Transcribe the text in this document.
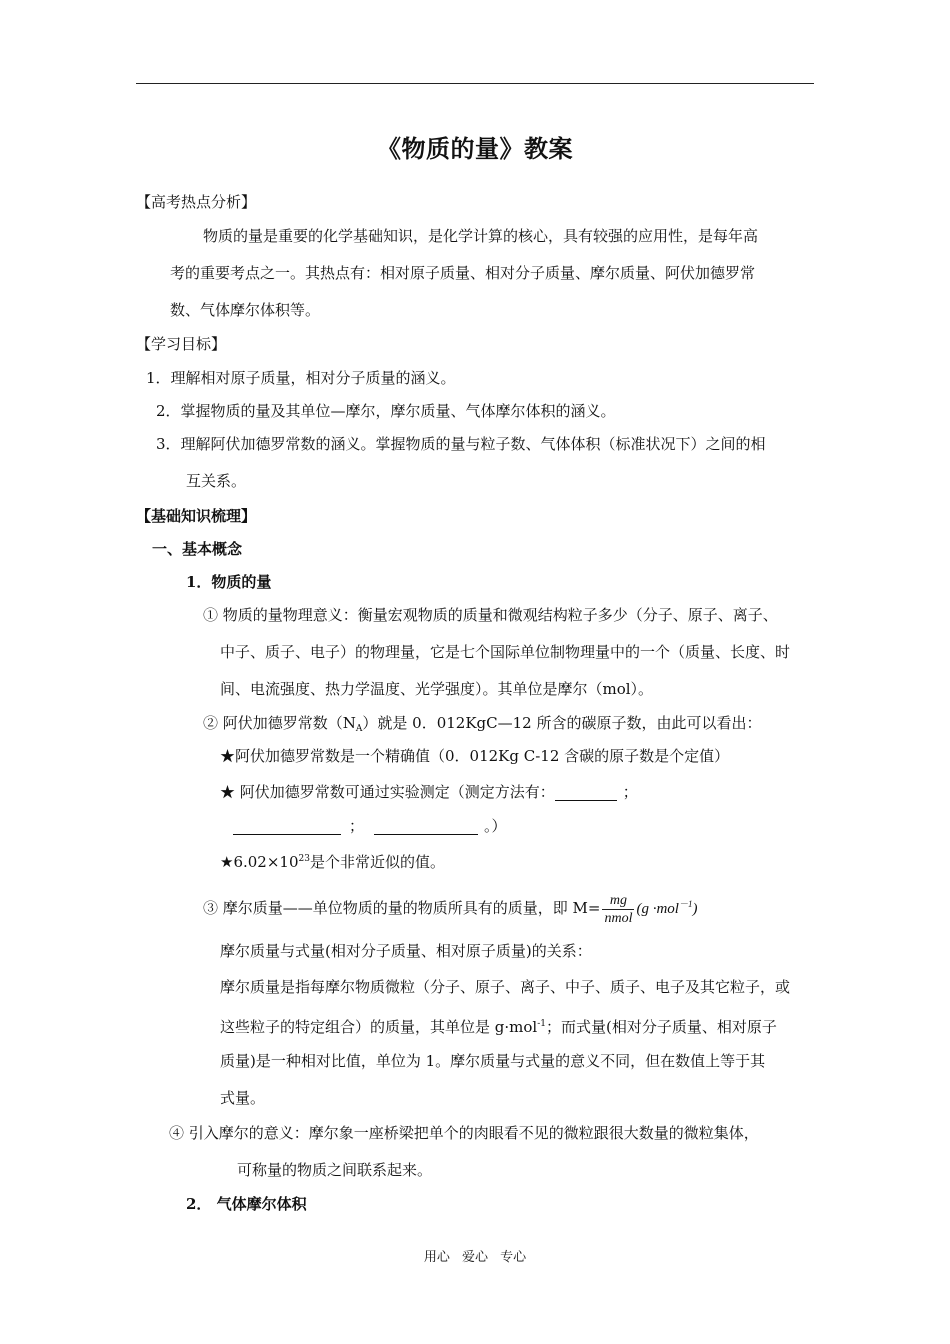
《物质的量》教案
【高考热点分析】
物质的量是重要的化学基础知识，是化学计算的核心，具有较强的应用性，是每年高
考的重要考点之一。其热点有：相对原子质量、相对分子质量、摩尔质量、阿伏加德罗常
数、气体摩尔体积等。
【学习目标】
1．理解相对原子质量，相对分子质量的涵义。
2．掌握物质的量及其单位—摩尔，摩尔质量、气体摩尔体积的涵义。
3．理解阿伏加德罗常数的涵义。掌握物质的量与粒子数、气体体积（标准状况下）之间的相
互关系。
【基础知识梳理】
一、基本概念
1．物质的量
① 物质的量物理意义：衡量宏观物质的质量和微观结构粒子多少（分子、原子、离子、
中子、质子、电子）的物理量，它是七个国际单位制物理量中的一个（质量、长度、时
间、电流强度、热力学温度、光学强度）。其单位是摩尔（mol）。
② 阿伏加德罗常数$(N_A)$就是 0．012KgC—12 所含的碳原子数，由此可以看出：
★阿伏加德罗常数是一个精确值（0．012Kg C-12 含碳的原子数是个定值）
★ 阿伏加德罗常数可通过实验测定（测定方法有：	；
；	。）
$★6.02\times 10^{23}$是个非常近似的值。
③ 摩尔质量——单位物质的量的物质所具有的质量，即 $M= \frac{mg}{\text{nmol}} (g \cdot mol^{-1})$
摩尔质量与式量(相对分子质量、相对原子质量)的关系：
摩尔质量是指每摩尔物质微粒（分子、原子、离子、中子、质子、电子及其它粒子，或
这些粒子的特定组合）的质量，其单位是 g·mol$^{-1}$；而式量(相对分子质量、相对原子
质量)是一种相对比值，单位为 1。摩尔质量与式量的意义不同，但在数值上等于其
式量。
④ 引入摩尔的意义：摩尔象一座桥梁把单个的肉眼看不见的微粒跟很大数量的微粒集体，
可称量的物质之间联系起来。
2． 气体摩尔体积
用心 爱心 专心
